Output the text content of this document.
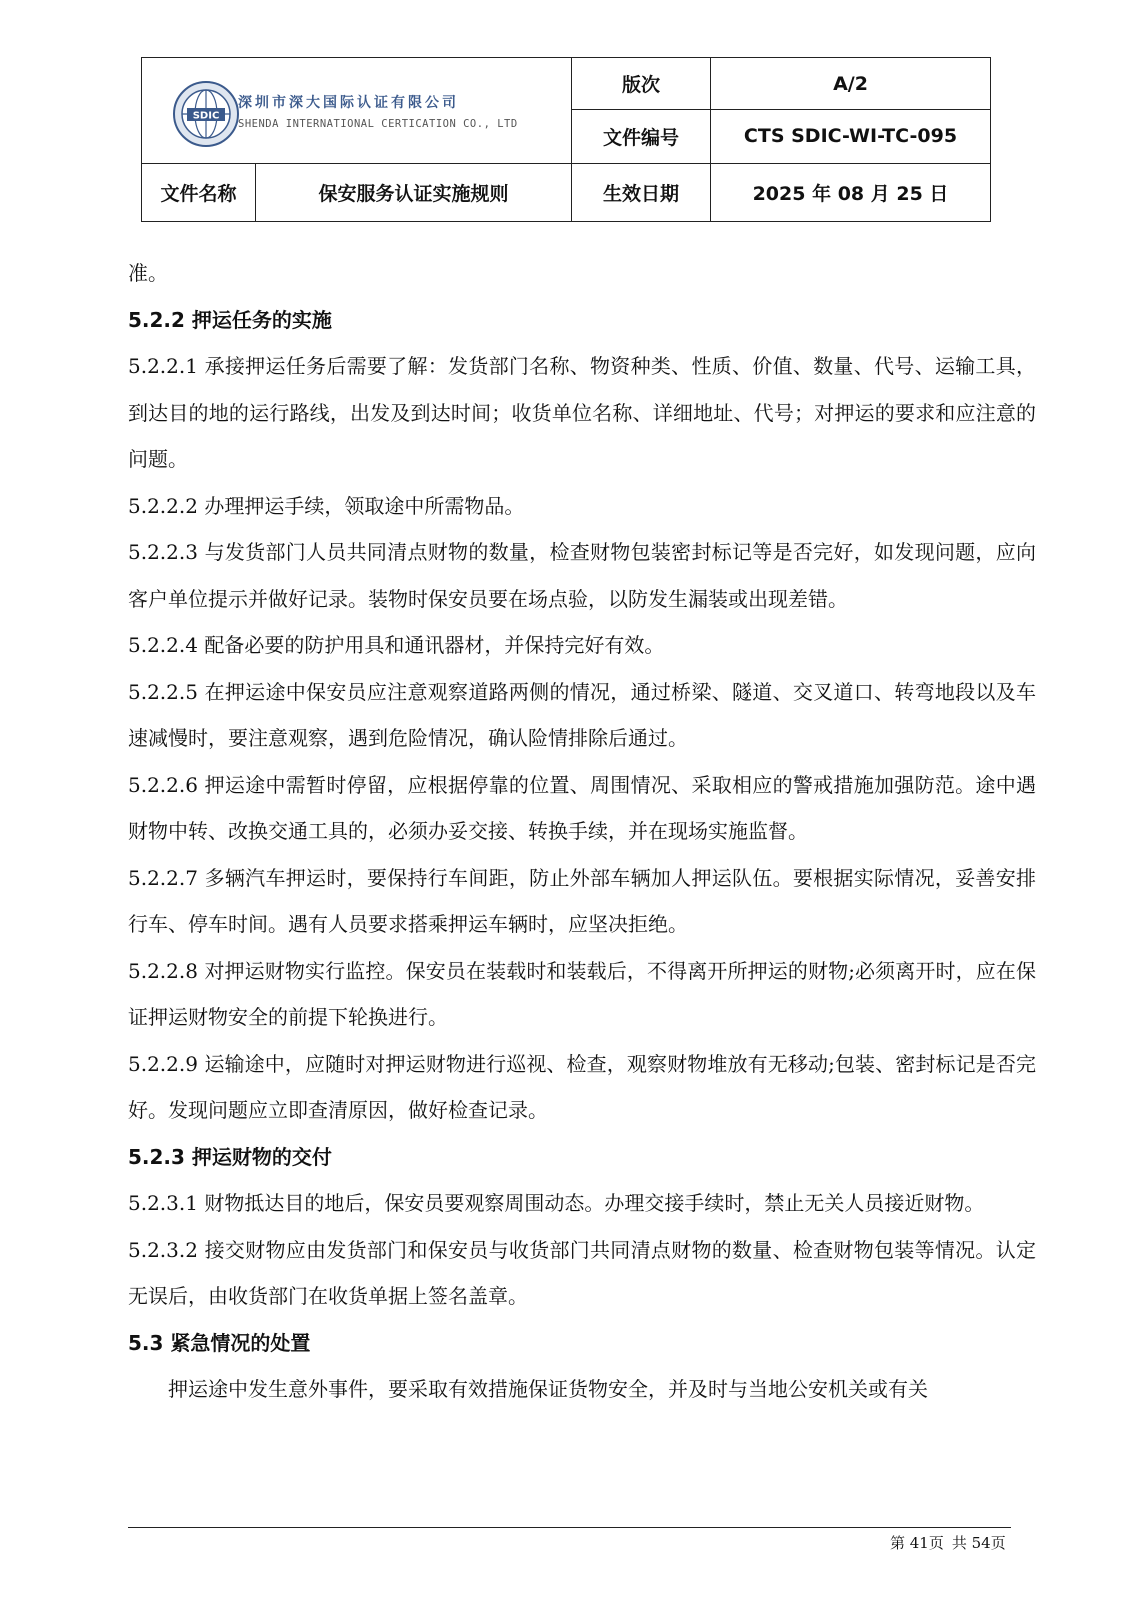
SDIC
深圳市深大国际认证有限公司
SHENDA INTERNATIONAL CERTICATION CO., LTD		版次	A/2
		文件编号	CTS SDIC-WI-TC-095
文件名称	保安服务认证实施规则	生效日期	2025 年 08 月 25 日

准。

5.2.2 押运任务的实施

5.2.2.1 承接押运任务后需要了解：发货部门名称、物资种类、性质、价值、数量、代号、运输工具，到达目的地的运行路线，出发及到达时间；收货单位名称、详细地址、代号；对押运的要求和应注意的问题。

5.2.2.2 办理押运手续，领取途中所需物品。

5.2.2.3 与发货部门人员共同清点财物的数量，检查财物包装密封标记等是否完好，如发现问题，应向客户单位提示并做好记录。装物时保安员要在场点验，以防发生漏装或出现差错。

5.2.2.4 配备必要的防护用具和通讯器材，并保持完好有效。

5.2.2.5 在押运途中保安员应注意观察道路两侧的情况，通过桥梁、隧道、交叉道口、转弯地段以及车速减慢时，要注意观察，遇到危险情况，确认险情排除后通过。

5.2.2.6 押运途中需暂时停留，应根据停靠的位置、周围情况、采取相应的警戒措施加强防范。途中遇财物中转、改换交通工具的，必须办妥交接、转换手续，并在现场实施监督。

5.2.2.7 多辆汽车押运时，要保持行车间距，防止外部车辆加人押运队伍。要根据实际情况，妥善安排行车、停车时间。遇有人员要求搭乘押运车辆时，应坚决拒绝。

5.2.2.8 对押运财物实行监控。保安员在装载时和装载后，不得离开所押运的财物;必须离开时，应在保证押运财物安全的前提下轮换进行。

5.2.2.9 运输途中，应随时对押运财物进行巡视、检查，观察财物堆放有无移动;包装、密封标记是否完好。发现问题应立即查清原因，做好检查记录。

5.2.3 押运财物的交付

5.2.3.1 财物抵达目的地后，保安员要观察周围动态。办理交接手续时，禁止无关人员接近财物。

5.2.3.2 接交财物应由发货部门和保安员与收货部门共同清点财物的数量、检查财物包装等情况。认定无误后，由收货部门在收货单据上签名盖章。

5.3 紧急情况的处置

押运途中发生意外事件，要采取有效措施保证货物安全，并及时与当地公安机关或有关

第 41页 共 54页
